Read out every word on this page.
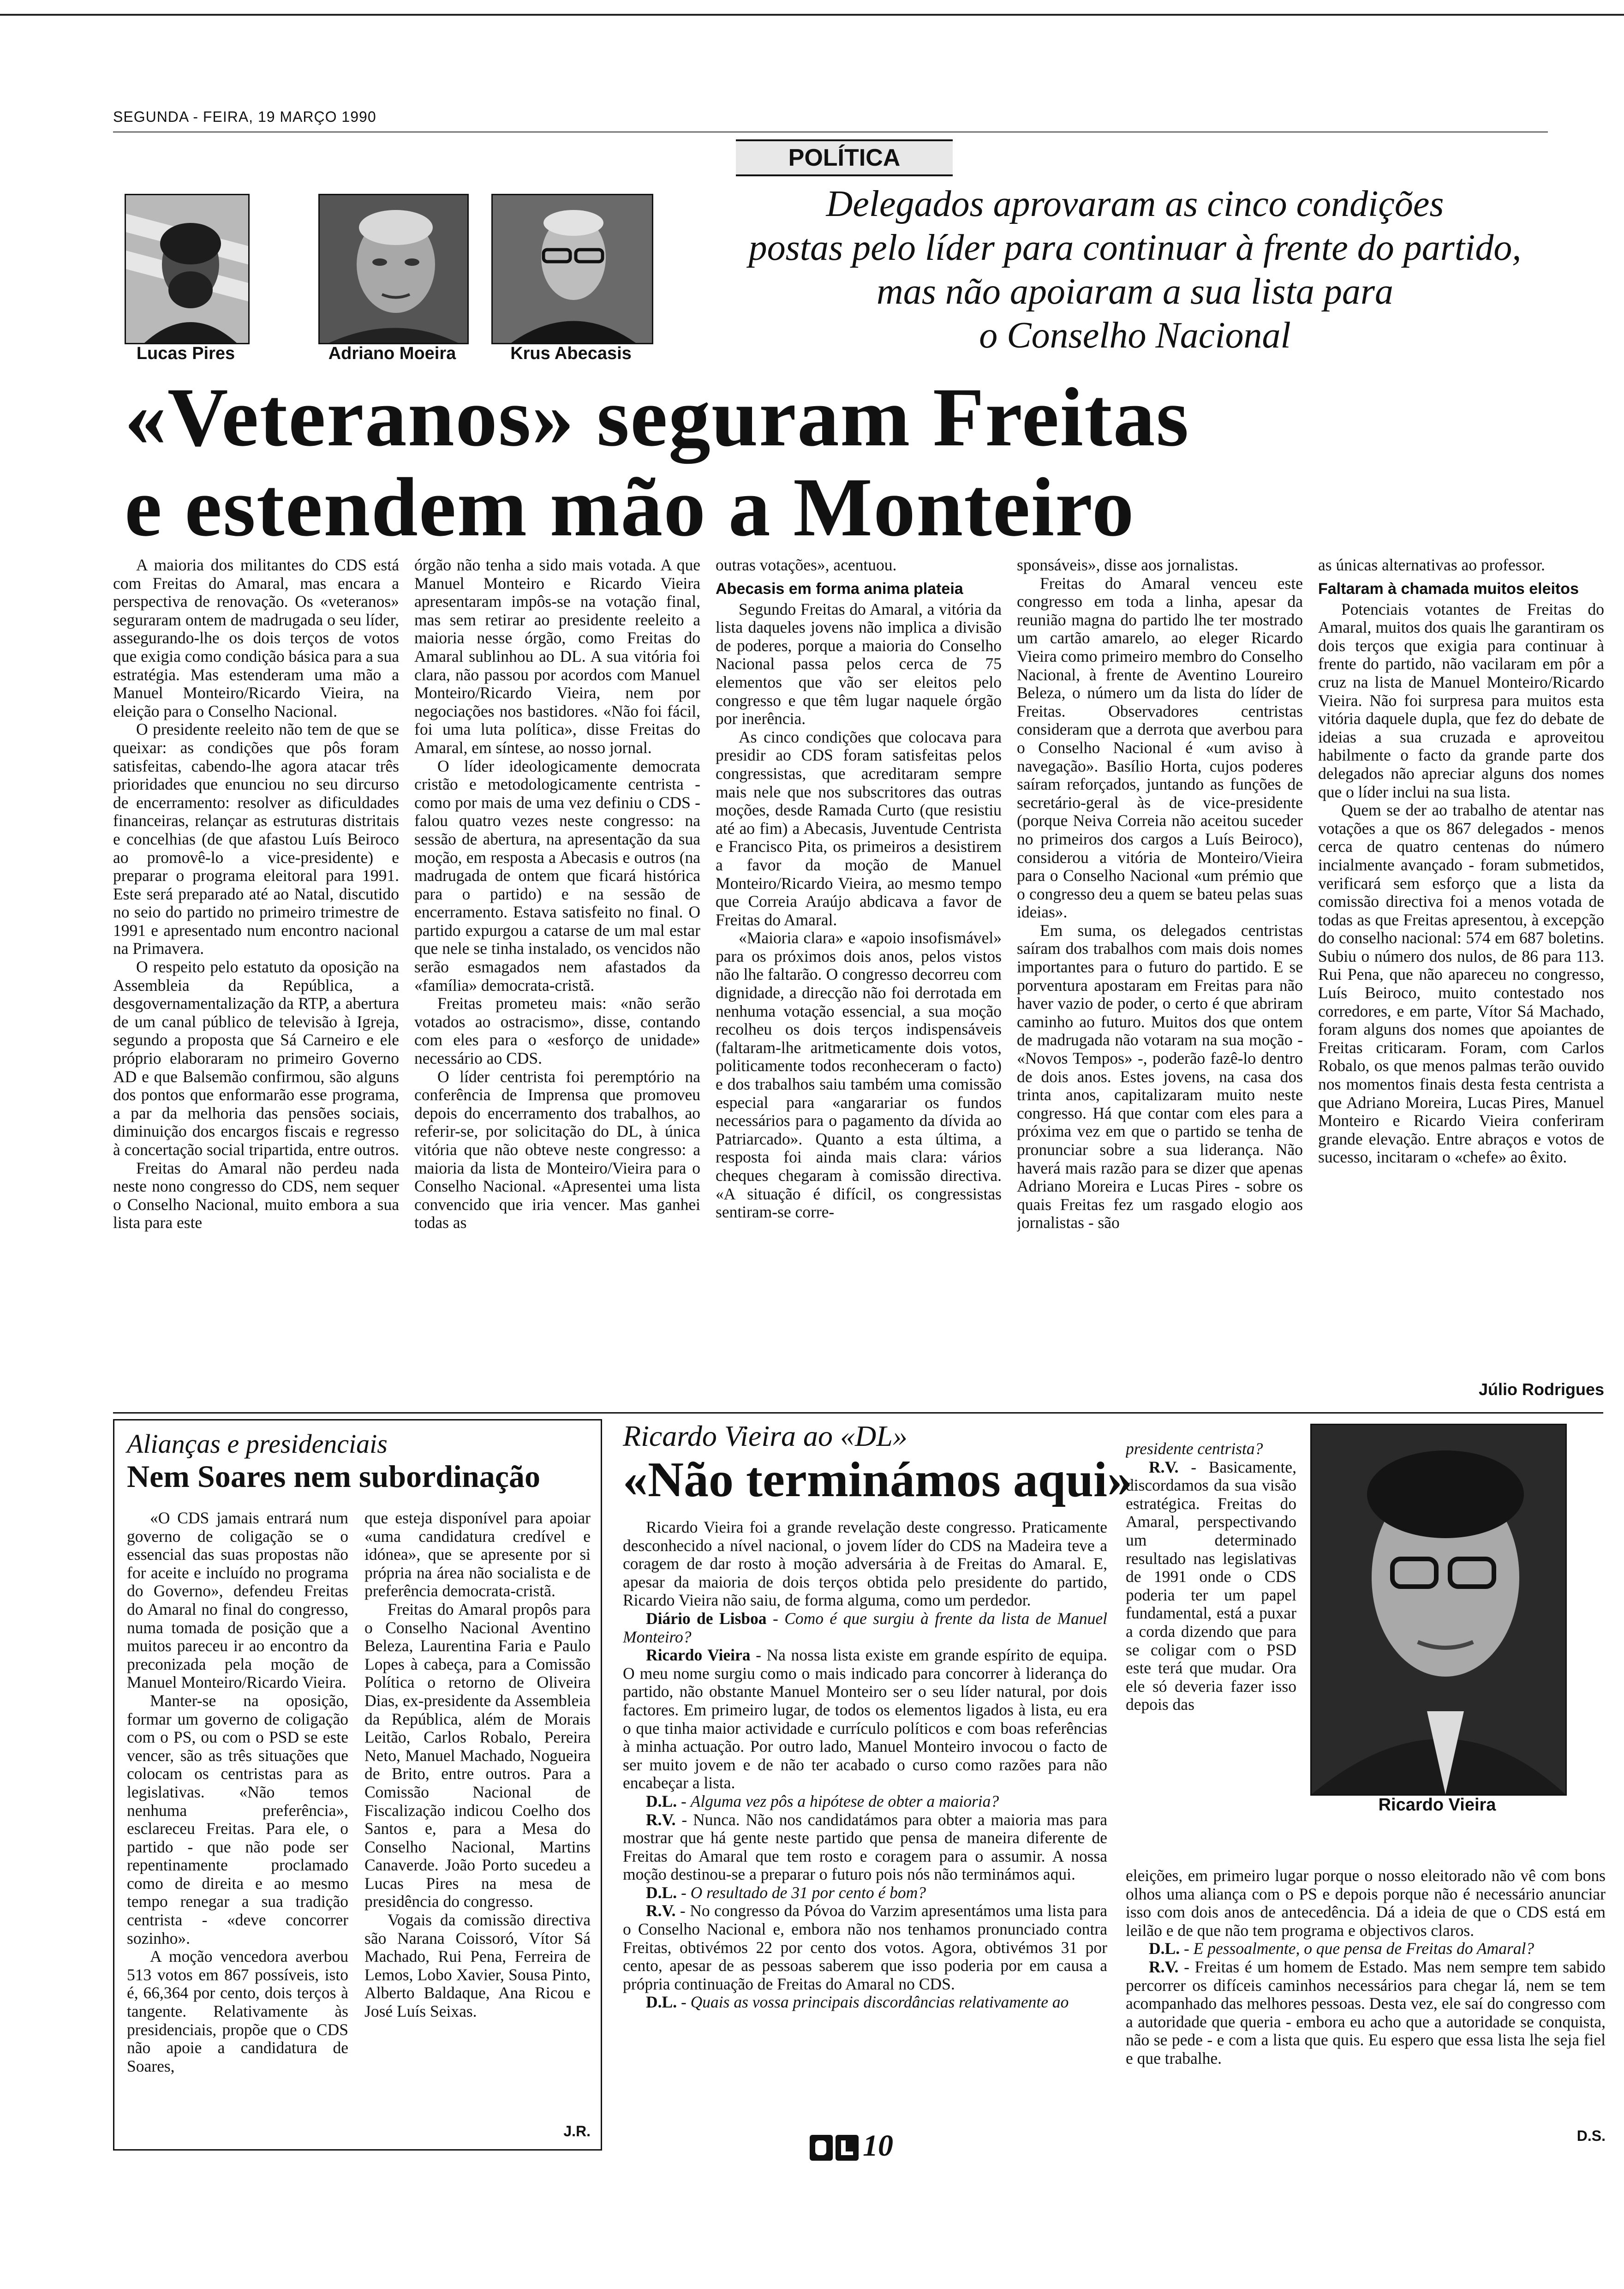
SEGUNDA - FEIRA, 19 MARÇO 1990
POLÍTICA
Lucas Pires	Adriano Moeira	Krus Abecasis
Delegados aprovaram as cinco condições
postas pelo líder para continuar à frente do partido,
mas não apoiaram a sua lista para
o Conselho Nacional
«Veteranos» seguram Freitas
e estendem mão a Monteiro

A maioria dos militantes do CDS está com Freitas do Amaral, mas encara a perspectiva de renovação. Os «veteranos» seguraram ontem de madrugada o seu líder, assegurando-lhe os dois terços de votos que exigia como condição básica para a sua estratégia. Mas estenderam uma mão a Manuel Monteiro/Ricardo Vieira, na eleição para o Conselho Nacional.

O presidente reeleito não tem de que se queixar: as condições que pôs foram satisfeitas, cabendo-lhe agora atacar três prioridades que enunciou no seu dircurso de encerramento: resolver as dificuldades financeiras, relançar as estruturas distritais e concelhias (de que afastou Luís Beiroco ao promovê-lo a vice-presidente) e preparar o programa eleitoral para 1991. Este será preparado até ao Natal, discutido no seio do partido no primeiro trimestre de 1991 e apresentado num encontro nacional na Primavera.

O respeito pelo estatuto da oposição na Assembleia da República, a desgovernamentalização da RTP, a abertura de um canal público de televisão à Igreja, segundo a proposta que Sá Carneiro e ele próprio elaboraram no primeiro Governo AD e que Balsemão confirmou, são alguns dos pontos que enformarão esse programa, a par da melhoria das pensões sociais, diminuição dos encargos fiscais e regresso à concertação social tripartida, entre outros.

Freitas do Amaral não perdeu nada neste nono congresso do CDS, nem sequer o Conselho Nacional, muito embora a sua lista para este

órgão não tenha a sido mais votada. A que Manuel Monteiro e Ricardo Vieira apresentaram impôs-se na votação final, mas sem retirar ao presidente reeleito a maioria nesse órgão, como Freitas do Amaral sublinhou ao DL. A sua vitória foi clara, não passou por acordos com Manuel Monteiro/Ricardo Vieira, nem por negociações nos bastidores. «Não foi fácil, foi uma luta política», disse Freitas do Amaral, em síntese, ao nosso jornal.

O líder ideologicamente democrata cristão e metodologicamente centrista - como por mais de uma vez definiu o CDS - falou quatro vezes neste congresso: na sessão de abertura, na apresentação da sua moção, em resposta a Abecasis e outros (na madrugada de ontem que ficará histórica para o partido) e na sessão de encerramento. Estava satisfeito no final. O partido expurgou a catarse de um mal estar que nele se tinha instalado, os vencidos não serão esmagados nem afastados da «família» democrata-cristã.

Freitas prometeu mais: «não serão votados ao ostracismo», disse, contando com eles para o «esforço de unidade» necessário ao CDS.

O líder centrista foi peremptório na conferência de Imprensa que promoveu depois do encerramento dos trabalhos, ao referir-se, por solicitação do DL, à única vitória que não obteve neste congresso: a maioria da lista de Monteiro/Vieira para o Conselho Nacional. «Apresentei uma lista convencido que iria vencer. Mas ganhei todas as

outras votações», acentuou.

Abecasis em forma anima plateia

Segundo Freitas do Amaral, a vitória da lista daqueles jovens não implica a divisão de poderes, porque a maioria do Conselho Nacional passa pelos cerca de 75 elementos que vão ser eleitos pelo congresso e que têm lugar naquele órgão por inerência.

As cinco condições que colocava para presidir ao CDS foram satisfeitas pelos congressistas, que acreditaram sempre mais nele que nos subscritores das outras moções, desde Ramada Curto (que resistiu até ao fim) a Abecasis, Juventude Centrista e Francisco Pita, os primeiros a desistirem a favor da moção de Manuel Monteiro/Ricardo Vieira, ao mesmo tempo que Correia Araújo abdicava a favor de Freitas do Amaral.

«Maioria clara» e «apoio insofismável» para os próximos dois anos, pelos vistos não lhe faltarão. O congresso decorreu com dignidade, a direcção não foi derrotada em nenhuma votação essencial, a sua moção recolheu os dois terços indispensáveis (faltaram-lhe aritmeticamente dois votos, politicamente todos reconheceram o facto) e dos trabalhos saiu também uma comissão especial para «angarariar os fundos necessários para o pagamento da dívida ao Patriarcado». Quanto a esta última, a resposta foi ainda mais clara: vários cheques chegaram à comissão directiva. «A situação é difícil, os congressistas sentiram-se corre-

sponsáveis», disse aos jornalistas.

Freitas do Amaral venceu este congresso em toda a linha, apesar da reunião magna do partido lhe ter mostrado um cartão amarelo, ao eleger Ricardo Vieira como primeiro membro do Conselho Nacional, à frente de Aventino Loureiro Beleza, o número um da lista do líder de Freitas. Observadores centristas consideram que a derrota que averbou para o Conselho Nacional é «um aviso à navegação». Basílio Horta, cujos poderes saíram reforçados, juntando as funções de secretário-geral às de vice-presidente (porque Neiva Correia não aceitou suceder no primeiros dos cargos a Luís Beiroco), considerou a vitória de Monteiro/Vieira para o Conselho Nacional «um prémio que o congresso deu a quem se bateu pelas suas ideias».

Em suma, os delegados centristas saíram dos trabalhos com mais dois nomes importantes para o futuro do partido. E se porventura apostaram em Freitas para não haver vazio de poder, o certo é que abriram caminho ao futuro. Muitos dos que ontem de madrugada não votaram na sua moção - «Novos Tempos» -, poderão fazê-lo dentro de dois anos. Estes jovens, na casa dos trinta anos, capitalizaram muito neste congresso. Há que contar com eles para a próxima vez em que o partido se tenha de pronunciar sobre a sua liderança. Não haverá mais razão para se dizer que apenas Adriano Moreira e Lucas Pires - sobre os quais Freitas fez um rasgado elogio aos jornalistas - são

as únicas alternativas ao professor.

Faltaram à chamada muitos eleitos

Potenciais votantes de Freitas do Amaral, muitos dos quais lhe garantiram os dois terços que exigia para continuar à frente do partido, não vacilaram em pôr a cruz na lista de Manuel Monteiro/Ricardo Vieira. Não foi surpresa para muitos esta vitória daquele dupla, que fez do debate de ideias a sua cruzada e aproveitou habilmente o facto da grande parte dos delegados não apreciar alguns dos nomes que o líder inclui na sua lista.

Quem se der ao trabalho de atentar nas votações a que os 867 delegados - menos cerca de quatro centenas do número incialmente avançado - foram submetidos, verificará sem esforço que a lista da comissão directiva foi a menos votada de todas as que Freitas apresentou, à excepção do conselho nacional: 574 em 687 boletins. Subiu o número dos nulos, de 86 para 113. Rui Pena, que não apareceu no congresso, Luís Beiroco, muito contestado nos corredores, e em parte, Vítor Sá Machado, foram alguns dos nomes que apoiantes de Freitas criticaram. Foram, com Carlos Robalo, os que menos palmas terão ouvido nos momentos finais desta festa centrista a que Adriano Moreira, Lucas Pires, Manuel Monteiro e Ricardo Vieira conferiram grande elevação. Entre abraços e votos de sucesso, incitaram o «chefe» ao êxito.

Júlio Rodrigues
Alianças e presidenciais
Nem Soares nem subordinação

«O CDS jamais entrará num governo de coligação se o essencial das suas propostas não for aceite e incluído no programa do Governo», defendeu Freitas do Amaral no final do congresso, numa tomada de posição que a muitos pareceu ir ao encontro da preconizada pela moção de Manuel Monteiro/Ricardo Vieira.

Manter-se na oposição, formar um governo de coligação com o PS, ou com o PSD se este vencer, são as três situações que colocam os centristas para as legislativas. «Não temos nenhuma preferência», esclareceu Freitas. Para ele, o partido - que não pode ser repentinamente proclamado como de direita e ao mesmo tempo renegar a sua tradição centrista - «deve concorrer sozinho».

A moção vencedora averbou 513 votos em 867 possíveis, isto é, 66,364 por cento, dois terços à tangente. Relativamente às presidenciais, propõe que o CDS não apoie a candidatura de Soares,

que esteja disponível para apoiar «uma candidatura credível e idónea», que se apresente por si própria na área não socialista e de preferência democrata-cristã.

Freitas do Amaral propôs para o Conselho Nacional Aventino Beleza, Laurentina Faria e Paulo Lopes à cabeça, para a Comissão Política o retorno de Oliveira Dias, ex-presidente da Assembleia da República, além de Morais Leitão, Carlos Robalo, Pereira Neto, Manuel Machado, Nogueira de Brito, entre outros. Para a Comissão Nacional de Fiscalização indicou Coelho dos Santos e, para a Mesa do Conselho Nacional, Martins Canaverde. João Porto sucedeu a Lucas Pires na mesa de presidência do congresso.

Vogais da comissão directiva são Narana Coissoró, Vítor Sá Machado, Rui Pena, Ferreira de Lemos, Lobo Xavier, Sousa Pinto, Alberto Baldaque, Ana Ricou e José Luís Seixas.

J.R.
Ricardo Vieira ao «DL»
«Não terminámos aqui»

Ricardo Vieira foi a grande revelação deste congresso. Praticamente desconhecido a nível nacional, o jovem líder do CDS na Madeira teve a coragem de dar rosto à moção adversária à de Freitas do Amaral. E, apesar da maioria de dois terços obtida pelo presidente do partido, Ricardo Vieira não saiu, de forma alguma, como um perdedor.

Diário de Lisboa - Como é que surgiu à frente da lista de Manuel Monteiro?

Ricardo Vieira - Na nossa lista existe em grande espírito de equipa. O meu nome surgiu como o mais indicado para concorrer à liderança do partido, não obstante Manuel Monteiro ser o seu líder natural, por dois factores. Em primeiro lugar, de todos os elementos ligados à lista, eu era o que tinha maior actividade e currículo políticos e com boas referências à minha actuação. Por outro lado, Manuel Monteiro invocou o facto de ser muito jovem e de não ter acabado o curso como razões para não encabeçar a lista.

D.L. - Alguma vez pôs a hipótese de obter a maioria?

R.V. - Nunca. Não nos candidatámos para obter a maioria mas para mostrar que há gente neste partido que pensa de maneira diferente de Freitas do Amaral que tem rosto e coragem para o assumir. A nossa moção destinou-se a preparar o futuro pois nós não terminámos aqui.

D.L. - O resultado de 31 por cento é bom?

R.V. - No congresso da Póvoa do Varzim apresentámos uma lista para o Conselho Nacional e, embora não nos tenhamos pronunciado contra Freitas, obtivémos 22 por cento dos votos. Agora, obtivémos 31 por cento, apesar de as pessoas saberem que isso poderia por em causa a própria continuação de Freitas do Amaral no CDS.

D.L. - Quais as vossa principais discordâncias relativamente ao

presidente centrista?

R.V. - Basicamente, discordamos da sua visão estratégica. Freitas do Amaral, perspectivando um determinado resultado nas legislativas de 1991 onde o CDS poderia ter um papel fundamental, está a puxar a corda dizendo que para se coligar com o PSD este terá que mudar. Ora ele só deveria fazer isso depois das

Ricardo Vieira

eleições, em primeiro lugar porque o nosso eleitorado não vê com bons olhos uma aliança com o PS e depois porque não é necessário anunciar isso com dois anos de antecedência. Dá a ideia de que o CDS está em leilão e de que não tem programa e objectivos claros.

D.L. - E pessoalmente, o que pensa de Freitas do Amaral?

R.V. - Freitas é um homem de Estado. Mas nem sempre tem sabido percorrer os difíceis caminhos necessários para chegar lá, nem se tem acompanhado das melhores pessoas. Desta vez, ele saí do congresso com a autoridade que queria - embora eu acho que a autoridade se conquista, não se pede - e com a lista que quis. Eu espero que essa lista lhe seja fiel e que trabalhe.

D.S.
10
